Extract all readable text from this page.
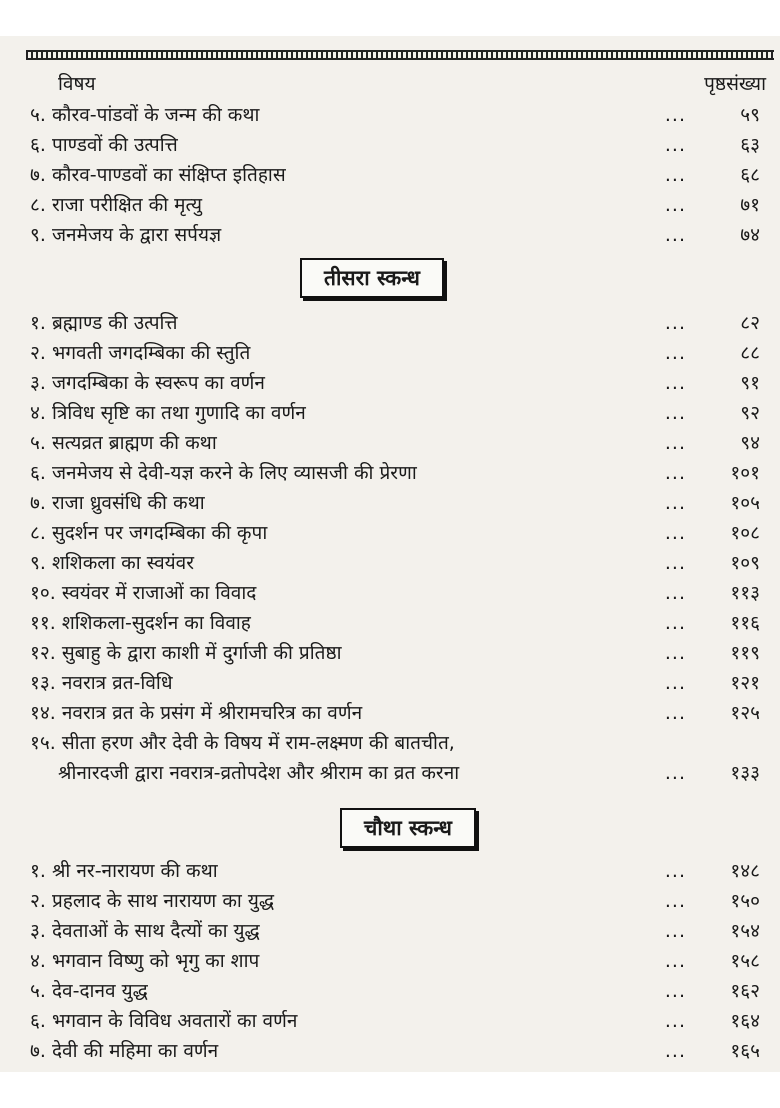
विषय	पृष्ठसंख्या
५. कौरव-पांडवों के जन्म की कथा	...	५९
६. पाण्डवों की उत्पत्ति	...	६३
७. कौरव-पाण्डवों का संक्षिप्त इतिहास	...	६८
८. राजा परीक्षित की मृत्यु	...	७१
९. जनमेजय के द्वारा सर्पयज्ञ	...	७४
तीसरा स्कन्ध
१. ब्रह्माण्ड की उत्पत्ति	...	८२
२. भगवती जगदम्बिका की स्तुति	...	८८
३. जगदम्बिका के स्वरूप का वर्णन	...	९१
४. त्रिविध सृष्टि का तथा गुणादि का वर्णन	...	९२
५. सत्यव्रत ब्राह्मण की कथा	...	९४
६. जनमेजय से देवी-यज्ञ करने के लिए व्यासजी की प्रेरणा	...	१०१
७. राजा ध्रुवसंधि की कथा	...	१०५
८. सुदर्शन पर जगदम्बिका की कृपा	...	१०८
९. शशिकला का स्वयंवर	...	१०९
१०. स्वयंवर में राजाओं का विवाद	...	११३
११. शशिकला-सुदर्शन का विवाह	...	११६
१२. सुबाहु के द्वारा काशी में दुर्गाजी की प्रतिष्ठा	...	११९
१३. नवरात्र व्रत-विधि	...	१२१
१४. नवरात्र व्रत के प्रसंग में श्रीरामचरित्र का वर्णन	...	१२५
१५. सीता हरण और देवी के विषय में राम-लक्ष्मण की बातचीत,
श्रीनारदजी द्वारा नवरात्र-व्रतोपदेश और श्रीराम का व्रत करना	...	१३३
चौथा स्कन्ध
१. श्री नर-नारायण की कथा	...	१४८
२. प्रहलाद के साथ नारायण का युद्ध	...	१५०
३. देवताओं के साथ दैत्यों का युद्ध	...	१५४
४. भगवान विष्णु को भृगु का शाप	...	१५८
५. देव-दानव युद्ध	...	१६२
६. भगवान के विविध अवतारों का वर्णन	...	१६४
७. देवी की महिमा का वर्णन	...	१६५
